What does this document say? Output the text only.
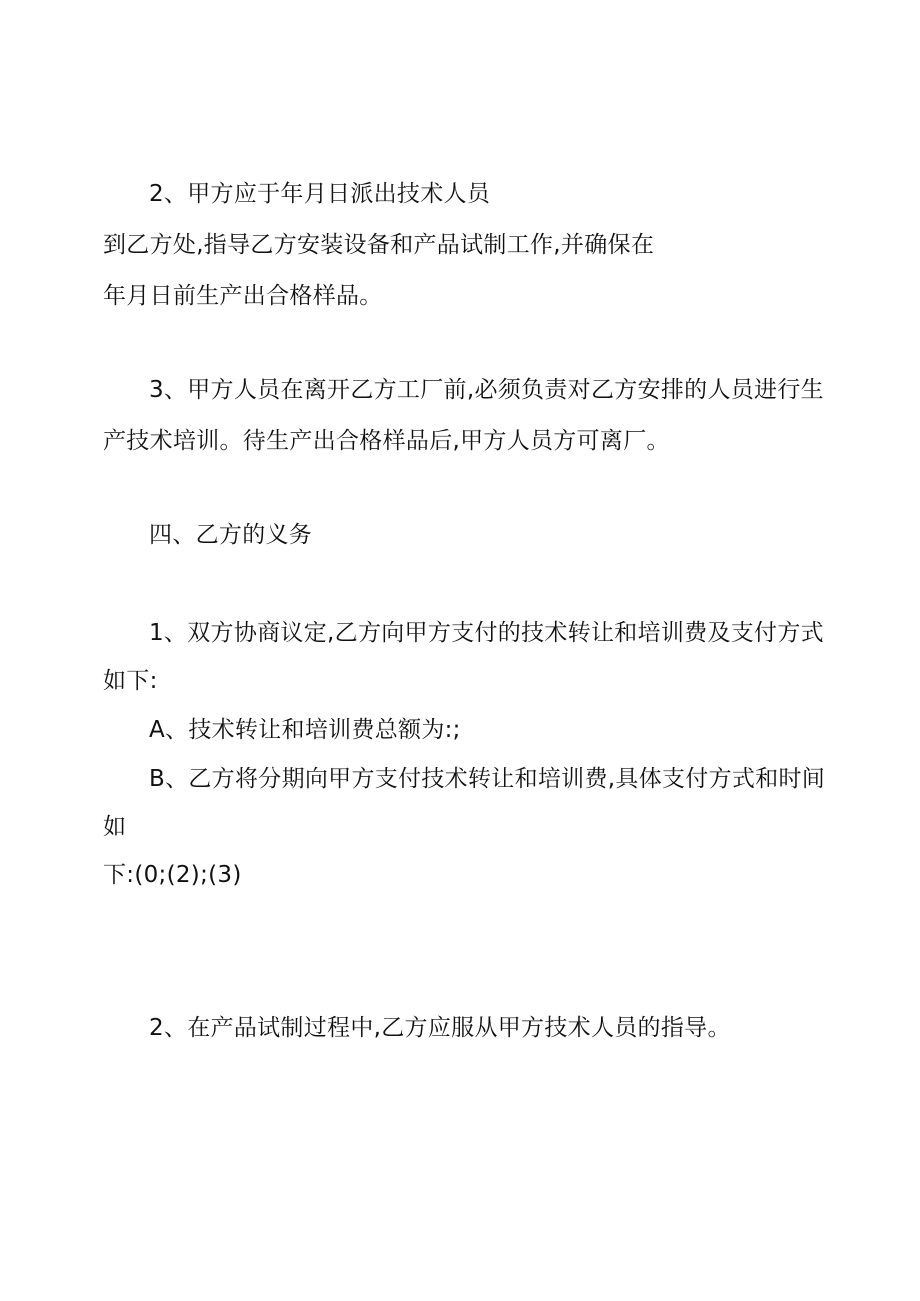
2、甲方应于年月日派出技术人员
到乙方处,指导乙方安装设备和产品试制工作,并确保在
年月日前生产出合格样品。
3、甲方人员在离开乙方工厂前,必须负责对乙方安排的人员进行生
产技术培训。待生产出合格样品后,甲方人员方可离厂。
四、乙方的义务
1、双方协商议定,乙方向甲方支付的技术转让和培训费及支付方式
如下:
A、技术转让和培训费总额为:;
B、乙方将分期向甲方支付技术转让和培训费,具体支付方式和时间
如
下:(0;(2);(3)
2、在产品试制过程中,乙方应服从甲方技术人员的指导。
